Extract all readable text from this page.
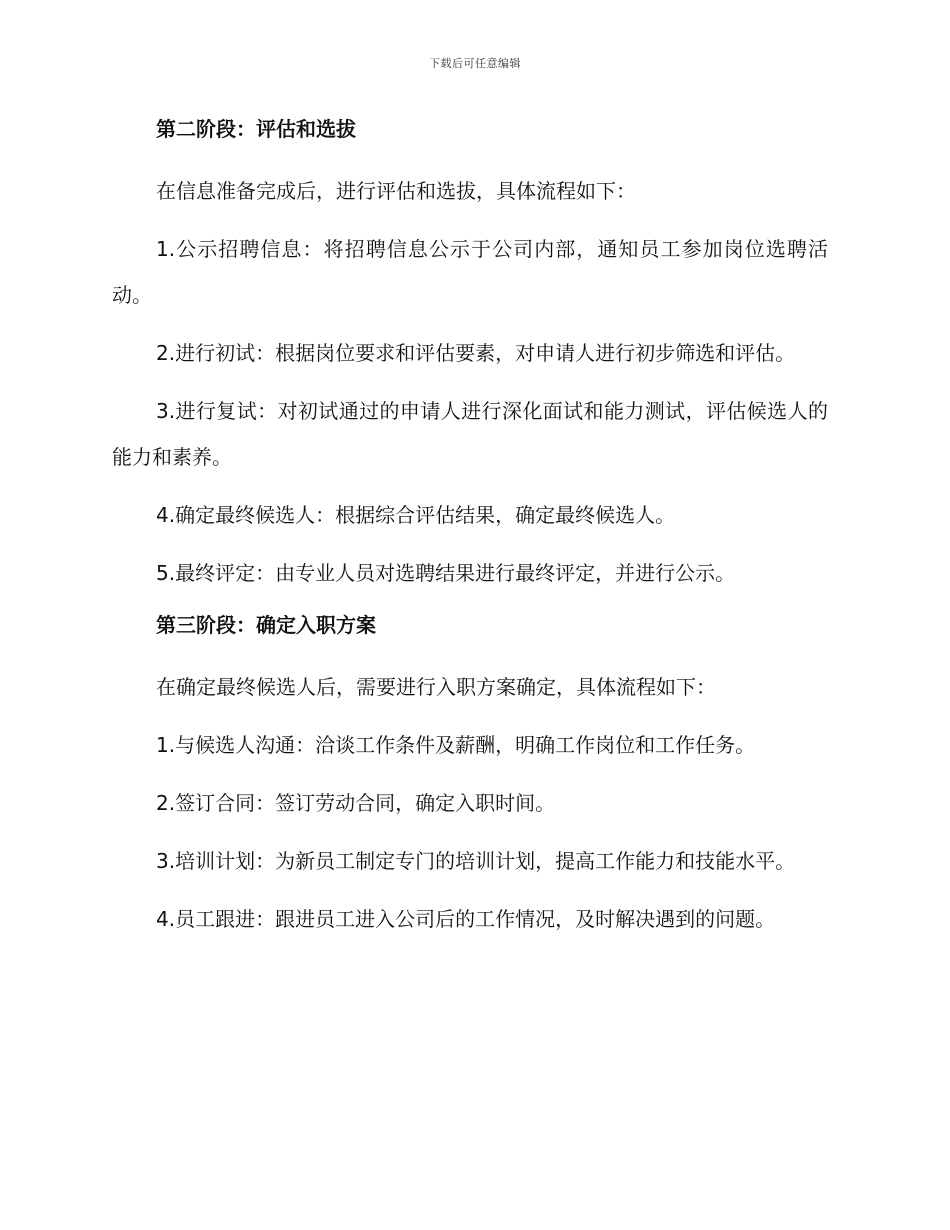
下载后可任意编辑
第二阶段：评估和选拔
在信息准备完成后，进行评估和选拔，具体流程如下：
1.公示招聘信息：将招聘信息公示于公司内部，通知员工参加岗位选聘活动。
2.进行初试：根据岗位要求和评估要素，对申请人进行初步筛选和评估。
3.进行复试：对初试通过的申请人进行深化面试和能力测试，评估候选人的能力和素养。
4.确定最终候选人：根据综合评估结果，确定最终候选人。
5.最终评定：由专业人员对选聘结果进行最终评定，并进行公示。
第三阶段：确定入职方案
在确定最终候选人后，需要进行入职方案确定，具体流程如下：
1.与候选人沟通：洽谈工作条件及薪酬，明确工作岗位和工作任务。
2.签订合同：签订劳动合同，确定入职时间。
3.培训计划：为新员工制定专门的培训计划，提高工作能力和技能水平。
4.员工跟进：跟进员工进入公司后的工作情况，及时解决遇到的问题。
